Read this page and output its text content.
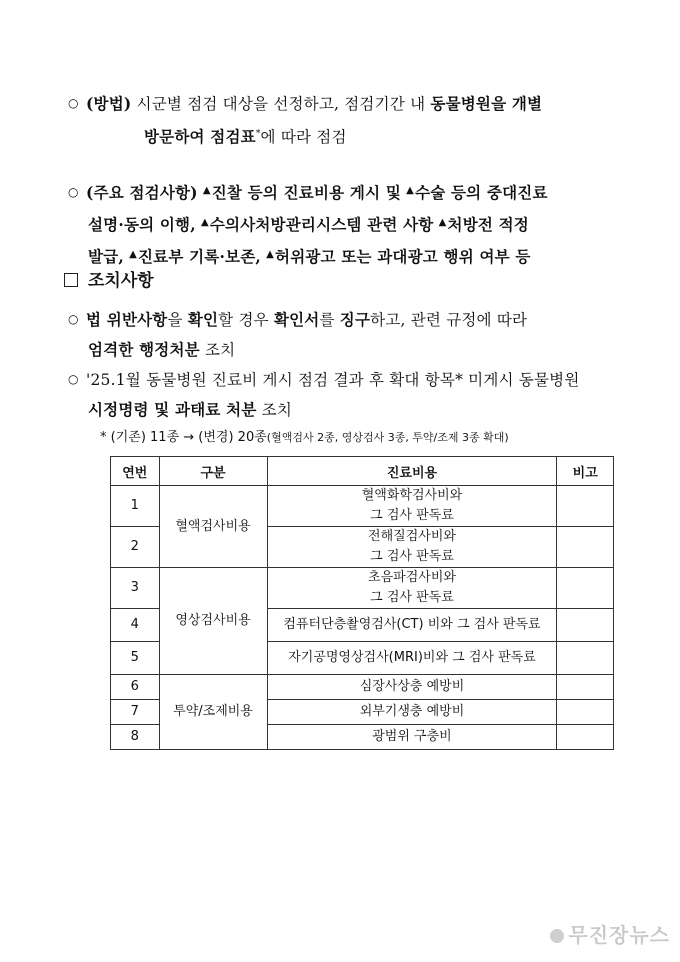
○ (방법) 시군별 점검 대상을 선정하고, 점검기간 내 동물병원을 개별
방문하여 점검표*에 따라 점검
○ (주요 점검사항) ▲진찰 등의 진료비용 게시 및 ▲수술 등의 중대진료
설명·동의 이행, ▲수의사처방관리시스템 관련 사항 ▲처방전 적정
발급, ▲진료부 기록·보존, ▲허위광고 또는 과대광고 행위 여부 등
조치사항
○ 법 위반사항을 확인할 경우 확인서를 징구하고, 관련 규정에 따라
엄격한 행정처분 조치
○ '25.1월 동물병원 진료비 게시 점검 결과 후 확대 항목* 미게시 동물병원
시정명령 및 과태료 처분 조치
* (기존) 11종 → (변경) 20종(혈액검사 2종, 영상검사 3종, 투약/조제 3종 확대)
연번	구분	진료비용	비고
1	혈액검사비용	혈액화학검사비와
그 검사 판독료	

2		전해질검사비와
그 검사 판독료	

3	영상검사비용	초음파검사비와
그 검사 판독료	

4		컴퓨터단층촬영검사(CT) 비와 그 검사 판독료	
5		자기공명영상검사(MRI)비와 그 검사 판독료	
6	투약/조제비용	심장사상충 예방비	
7		외부기생충 예방비	
8		광범위 구충비	
무진장뉴스
